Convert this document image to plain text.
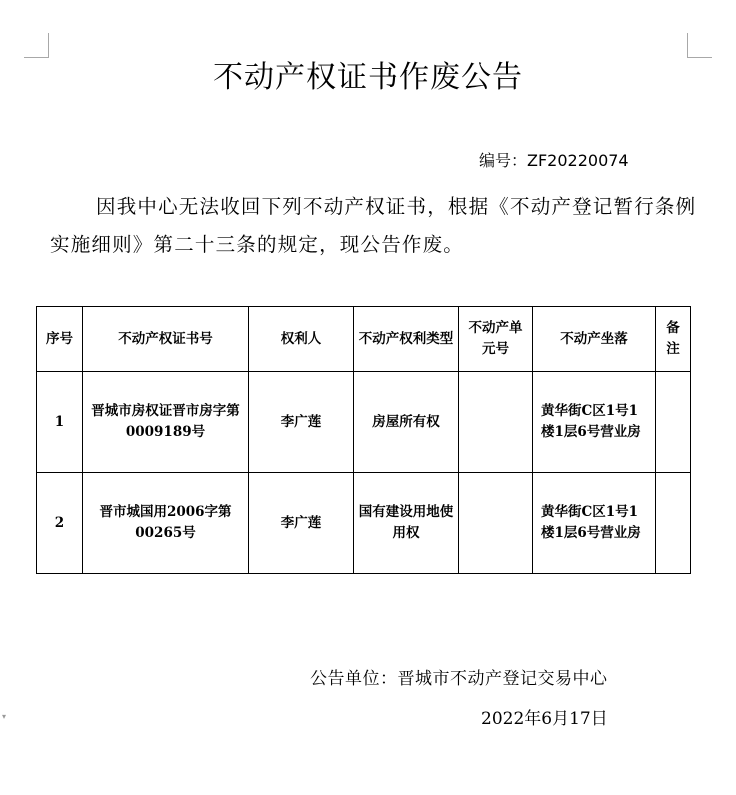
不动产权证书作废公告
编号：ZF20220074
因我中心无法收回下列不动产权证书，根据《不动产登记暂行条例实施细则》第二十三条的规定，现公告作废。
序号	不动产权证书号	权利人	不动产权利类型	不动产单元号	不动产坐落	备注
1	晋城市房权证晋市房字第0009189号	李广莲	房屋所有权		黄华街C区1号1楼1层6号营业房	
2	晋市城国用2006字第00265号	李广莲	国有建设用地使用权		黄华街C区1号1楼1层6号营业房	
公告单位：晋城市不动产登记交易中心
2022年6月17日
▾
